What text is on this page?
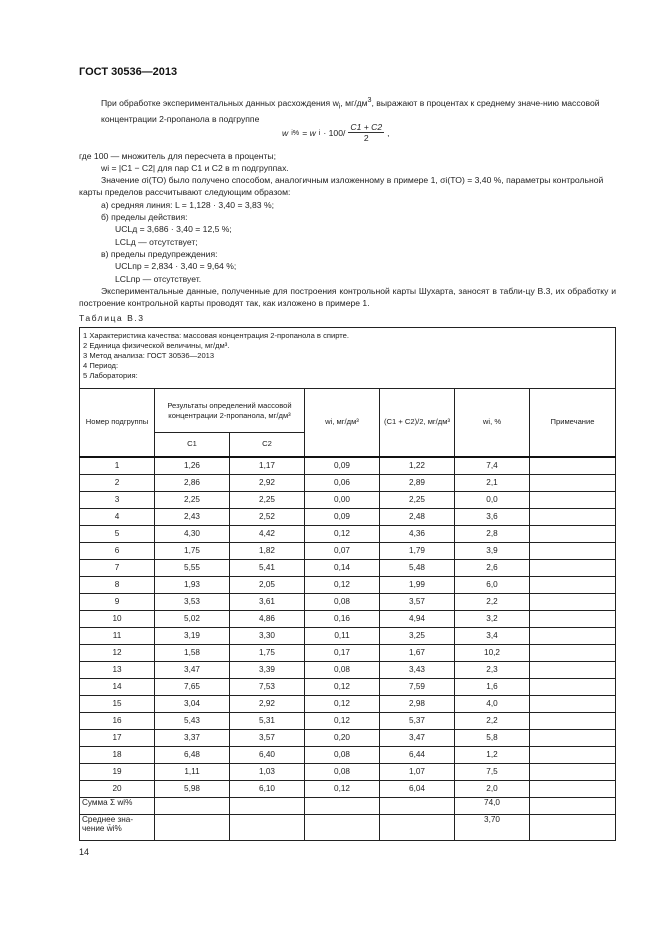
ГОСТ 30536—2013
При обработке экспериментальных данных расхождения $w_i$, $мг/дм^3$, выражают в процентах к среднему значе-нию массовой концентрации 2-пропанола в подгруппе
w i% = w $i \cdot 100/ \frac{C1 + C2}{2}$ ,
где 100 — множитель для пересчета в проценты;
wi = |C1 − C2| для пар C1 и C2 в m подгруппах.
Значение σi(TO) было получено способом, аналогичным изложенному в примере 1, σi(TO) = 3,40 %, параметры контрольной карты пределов рассчитывают следующим образом:
а) средняя линия: L = 1,128 · 3,40 = 3,83 %;
б) пределы действия:
UCLд = 3,686 · 3,40 = 12,5 %;
LCLд — отсутствует;
в) пределы предупреждения:
UCLпр = 2,834 · 3,40 = 9,64 %;
LCLпр — отсутствует.
Экспериментальные данные, полученные для построения контрольной карты Шухарта, заносят в табли-цу В.3, их обработку и построение контрольной карты проводят так, как изложено в примере 1.
Таблица В.3
1 Характеристика качества: массовая концентрация 2-пропанола в спирте.
2 Единица физической величины, мг/дм³.
3 Метод анализа: ГОСТ 30536—2013
4 Период:
5 Лаборатория:						

Номер подгруппы	Результаты определений массовой концентрации 2-пропанола, мг/дм³		wi, мг/дм³	(C1 + C2)/2, мг/дм³	wi, %	Примечание
	C1	C2				
1	1,26	1,17	0,09	1,22	7,4	
2	2,86	2,92	0,06	2,89	2,1	
3	2,25	2,25	0,00	2,25	0,0	
4	2,43	2,52	0,09	2,48	3,6	
5	4,30	4,42	0,12	4,36	2,8	
6	1,75	1,82	0,07	1,79	3,9	
7	5,55	5,41	0,14	5,48	2,6	
8	1,93	2,05	0,12	1,99	6,0	
9	3,53	3,61	0,08	3,57	2,2	
10	5,02	4,86	0,16	4,94	3,2	
11	3,19	3,30	0,11	3,25	3,4	
12	1,58	1,75	0,17	1,67	10,2	
13	3,47	3,39	0,08	3,43	2,3	
14	7,65	7,53	0,12	7,59	1,6	
15	3,04	2,92	0,12	2,98	4,0	
16	5,43	5,31	0,12	5,37	2,2	
17	3,37	3,57	0,20	3,47	5,8	
18	6,48	6,40	0,08	6,44	1,2	
19	1,11	1,03	0,08	1,07	7,5	
20	5,98	6,10	0,12	6,04	2,0	
Сумма Σ wi%					74,0	
Среднее зна-чение w̄i%					3,70	
14
